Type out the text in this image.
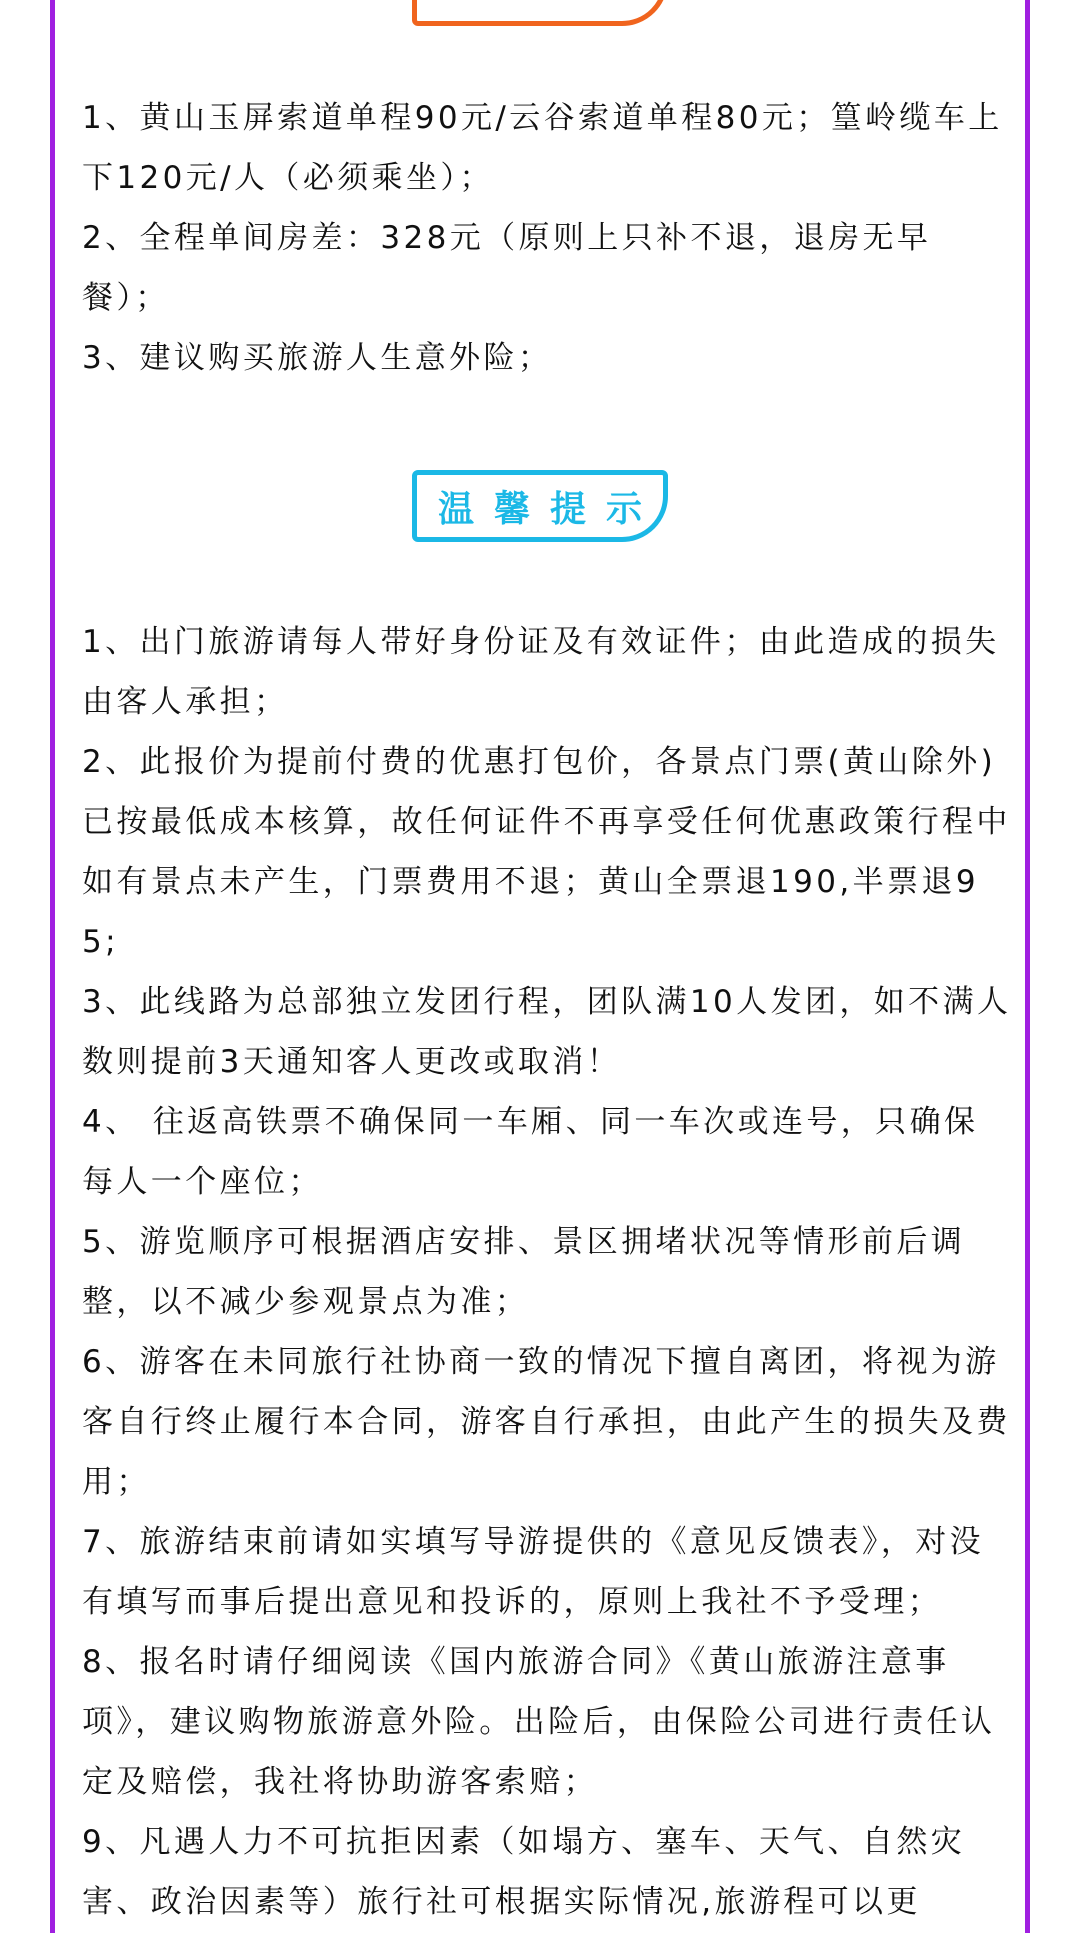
1、黄山玉屏索道单程90元/云谷索道单程80元；篁岭缆车上下120元/人（必须乘坐）；

2、全程单间房差：328元（原则上只补不退，退房无早餐）；

3、建议购买旅游人生意外险；

温馨提示

1、出门旅游请每人带好身份证及有效证件；由此造成的损失由客人承担；

2、此报价为提前付费的优惠打包价，各景点门票(黄山除外)已按最低成本核算，故任何证件不再享受任何优惠政策行程中如有景点未产生，门票费用不退；黄山全票退190,半票退95;

3、此线路为总部独立发团行程，团队满10人发团，如不满人数则提前3天通知客人更改或取消！

4、 往返高铁票不确保同一车厢、同一车次或连号，只确保每人一个座位；

5、游览顺序可根据酒店安排、景区拥堵状况等情形前后调整，以不减少参观景点为准；

6、游客在未同旅行社协商一致的情况下擅自离团，将视为游客自行终止履行本合同，游客自行承担，由此产生的损失及费用；

7、旅游结束前请如实填写导游提供的《意见反馈表》，对没有填写而事后提出意见和投诉的，原则上我社不予受理；

8、报名时请仔细阅读《国内旅游合同》《黄山旅游注意事项》，建议购物旅游意外险。出险后，由保险公司进行责任认定及赔偿，我社将协助游客索赔；

9、凡遇人力不可抗拒因素（如塌方、塞车、天气、自然灾害、政治因素等）旅行社可根据实际情况,旅游程可以更
